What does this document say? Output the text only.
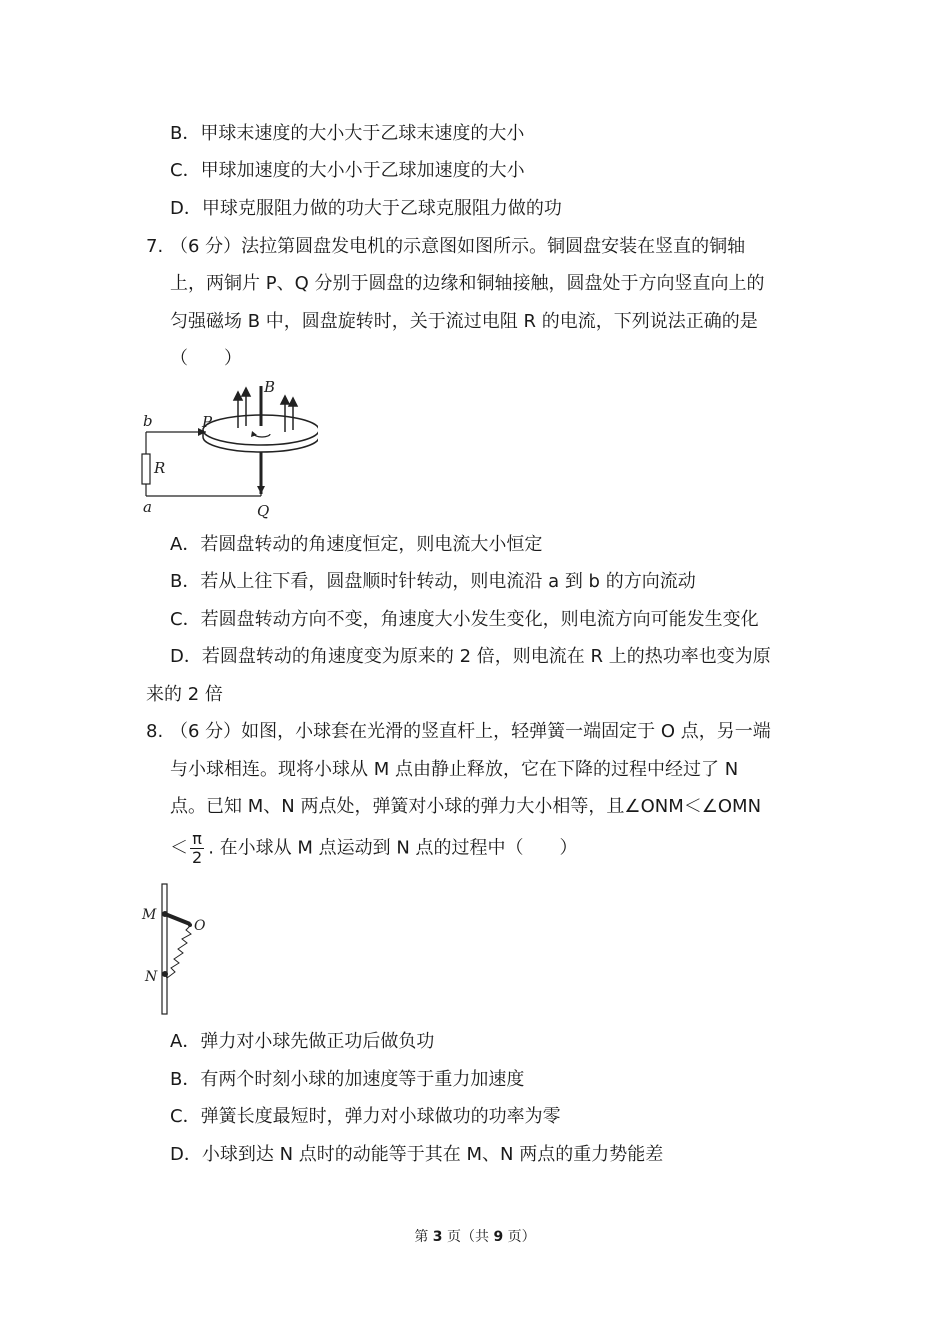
B．甲球末速度的大小大于乙球末速度的大小
C．甲球加速度的大小小于乙球加速度的大小
D．甲球克服阻力做的功大于乙球克服阻力做的功
7. （6 分）法拉第圆盘发电机的示意图如图所示。铜圆盘安装在竖直的铜轴
上，两铜片 P、Q 分别于圆盘的边缘和铜轴接触，圆盘处于方向竖直向上的
匀强磁场 B 中，圆盘旋转时，关于流过电阻 R 的电流，下列说法正确的是
（　　）
B
P
b
R
a	Q
A．若圆盘转动的角速度恒定，则电流大小恒定
B．若从上往下看，圆盘顺时针转动，则电流沿 a 到 b 的方向流动
C．若圆盘转动方向不变，角速度大小发生变化，则电流方向可能发生变化
D．若圆盘转动的角速度变为原来的 2 倍，则电流在 R 上的热功率也变为原
来的 2 倍
8. （6 分）如图，小球套在光滑的竖直杆上，轻弹簧一端固定于 O 点，另一端
与小球相连。现将小球从 M 点由静止释放，它在下降的过程中经过了 N
点。已知 M、N 两点处，弹簧对小球的弹力大小相等，且∠ONM＜∠OMN
＜ $\frac{\pi}{2}$ . 在小球从 M 点运动到 N 点的过程中（　　）
M
O
N
A．弹力对小球先做正功后做负功
B．有两个时刻小球的加速度等于重力加速度
C．弹簧长度最短时，弹力对小球做功的功率为零
D．小球到达 N 点时的动能等于其在 M、N 两点的重力势能差
第 3 页（共 9 页）
